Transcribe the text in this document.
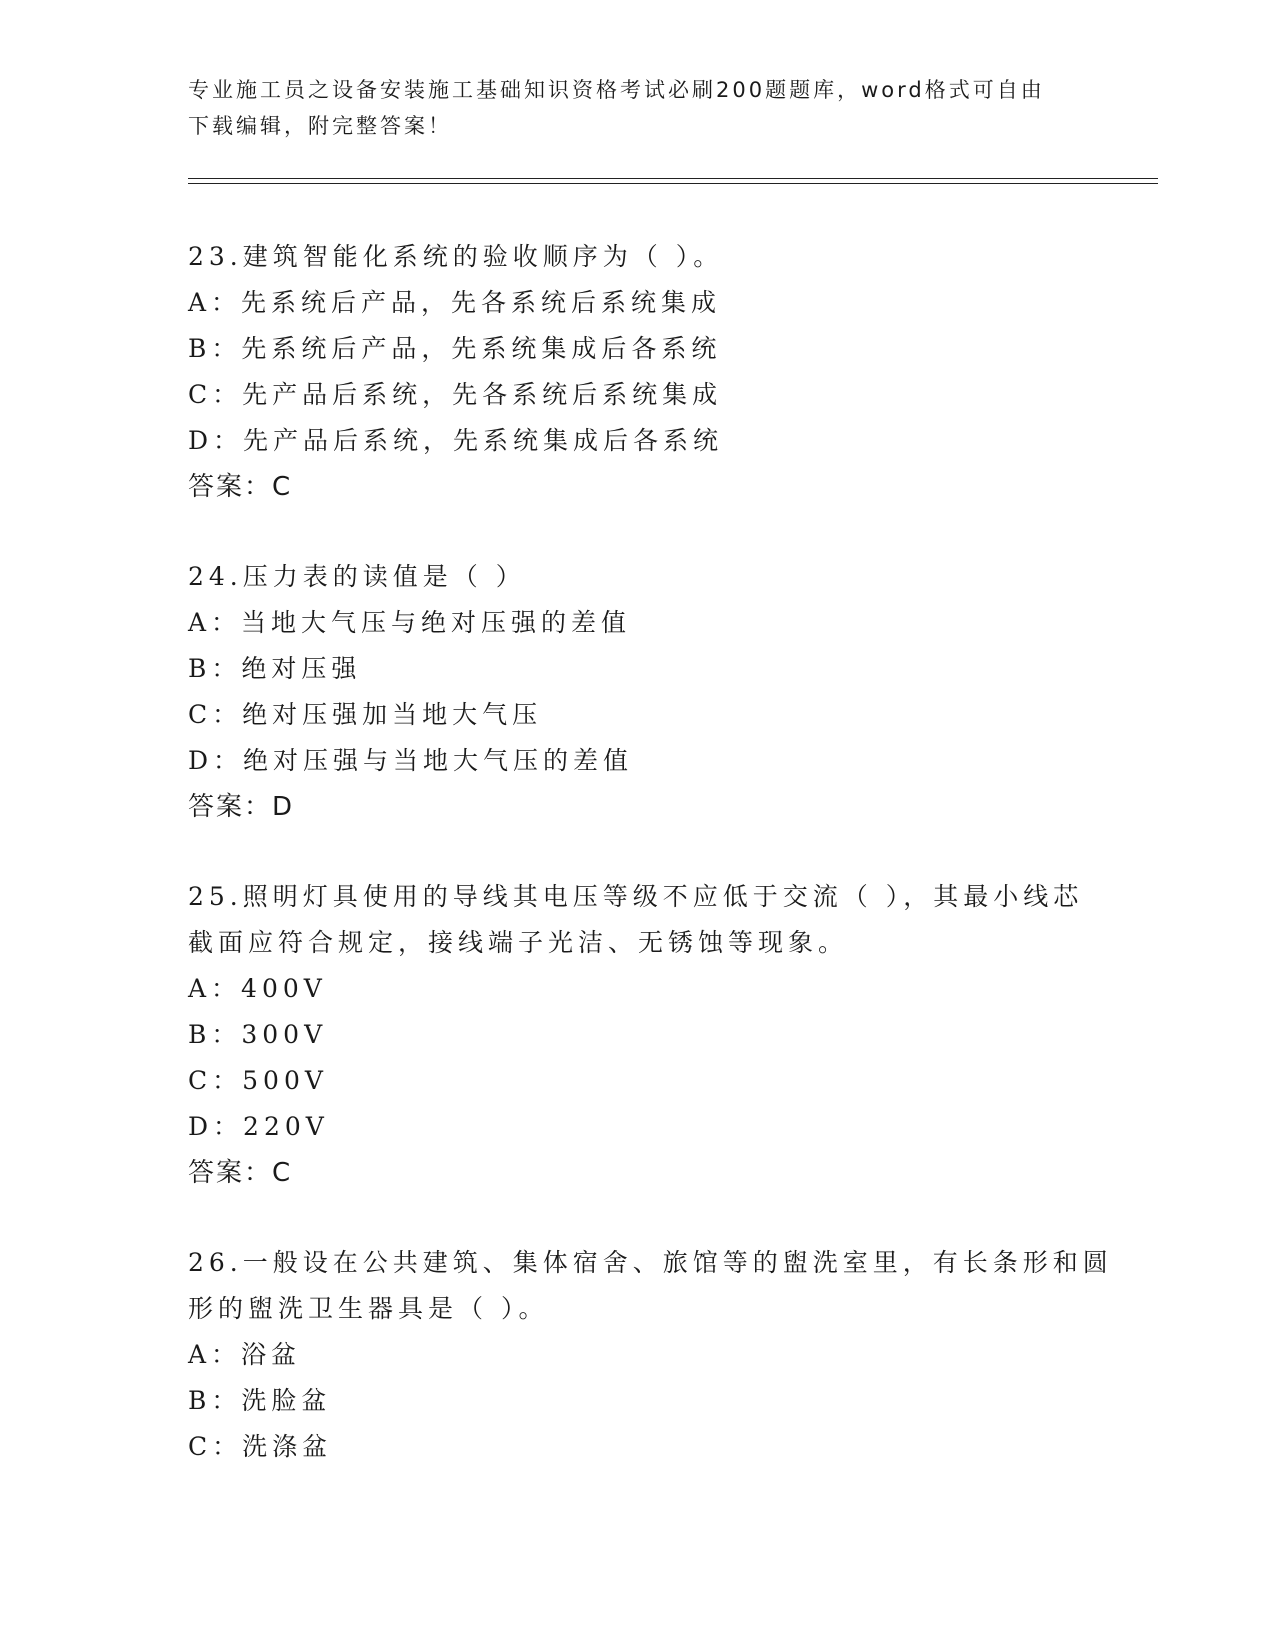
专业施工员之设备安装施工基础知识资格考试必刷200题题库，word格式可自由
下载编辑，附完整答案！
23.建筑智能化系统的验收顺序为（ ）。
A：先系统后产品，先各系统后系统集成
B：先系统后产品，先系统集成后各系统
C：先产品后系统，先各系统后系统集成
D：先产品后系统，先系统集成后各系统
答案：C
24.压力表的读值是（ ）
A：当地大气压与绝对压强的差值
B：绝对压强
C：绝对压强加当地大气压
D：绝对压强与当地大气压的差值
答案：D
25.照明灯具使用的导线其电压等级不应低于交流（ ），其最小线芯
截面应符合规定，接线端子光洁、无锈蚀等现象。
A：400V
B：300V
C：500V
D：220V
答案：C
26.一般设在公共建筑、集体宿舍、旅馆等的盥洗室里，有长条形和圆
形的盥洗卫生器具是（ ）。
A：浴盆
B：洗脸盆
C：洗涤盆
